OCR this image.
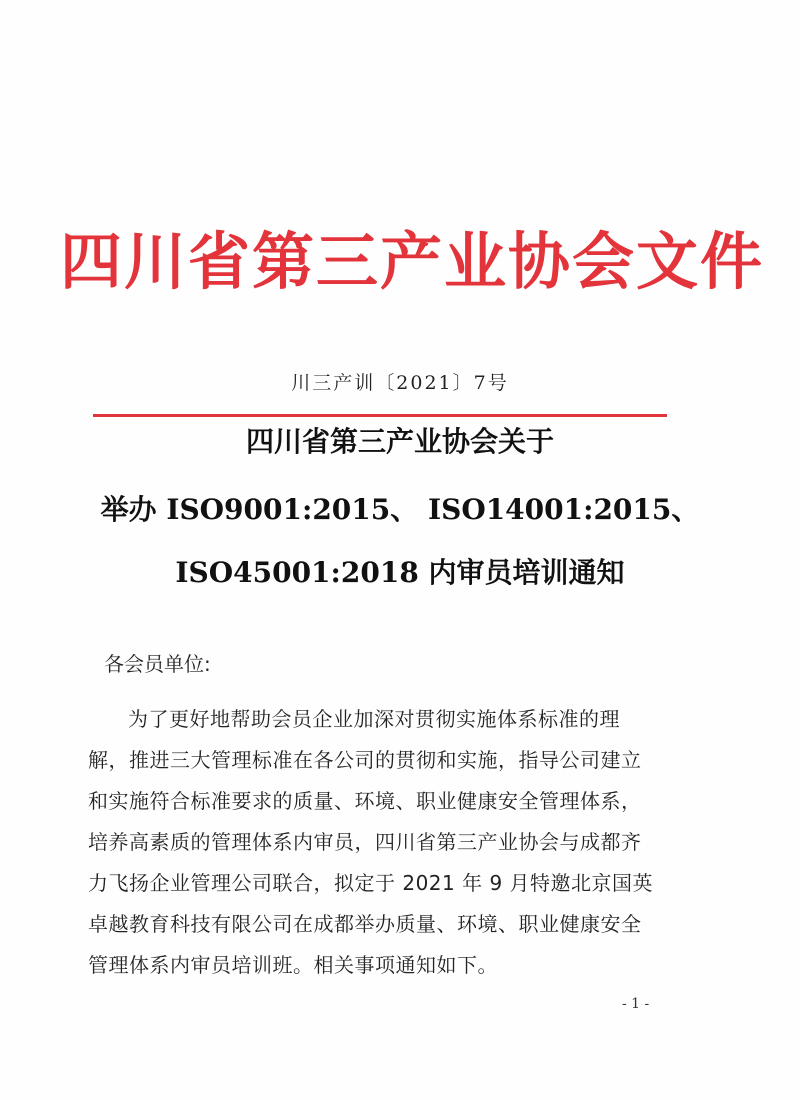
四川省第三产业协会文件
川三产训〔2021〕7号
四川省第三产业协会关于
举办 ISO9001:2015、 ISO14001:2015、
ISO45001:2018 内审员培训通知
各会员单位:
为了更好地帮助会员企业加深对贯彻实施体系标准的理
解，推进三大管理标准在各公司的贯彻和实施，指导公司建立
和实施符合标准要求的质量、环境、职业健康安全管理体系，
培养高素质的管理体系内审员，四川省第三产业协会与成都齐
力飞扬企业管理公司联合，拟定于 2021 年 9 月特邀北京国英
卓越教育科技有限公司在成都举办质量、环境、职业健康安全
管理体系内审员培训班。相关事项通知如下。
- 1 -
